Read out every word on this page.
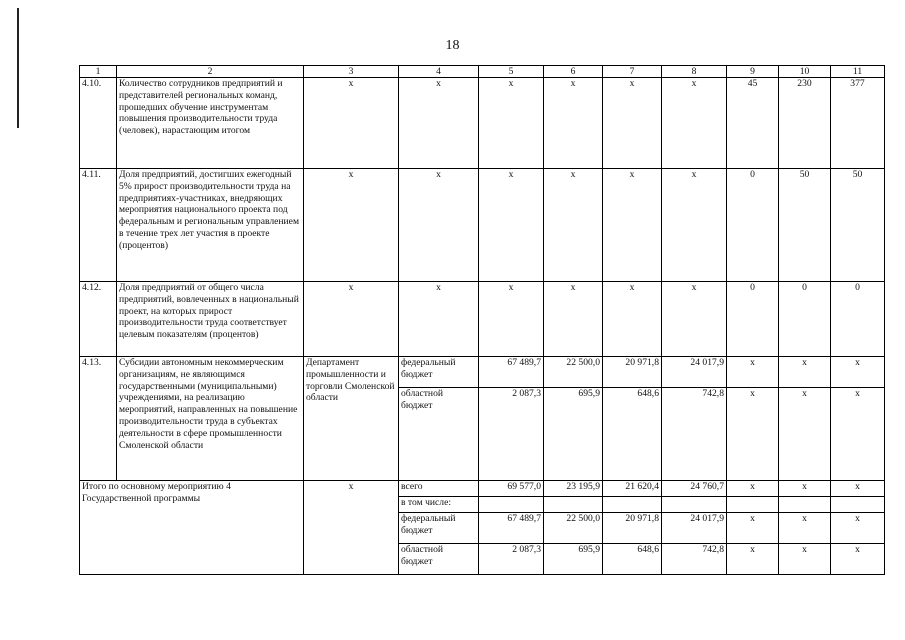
18
1	2	3	4	5	6	7	8	9	10	11
4.10.	Количество сотрудников предприятий и представителей региональных команд, прошедших обучение инструментам повышения производительности труда (человек), нарастающим итогом	x	x	x	x	x	x	45	230	377
4.11.	Доля предприятий, достигших ежегодный 5% прирост производительности труда на предприятиях-участниках, внедряющих мероприятия национального проекта под федеральным и региональным управлением в течение трех лет участия в проекте (процентов)	x	x	x	x	x	x	0	50	50
4.12.	Доля предприятий от общего числа предприятий, вовлеченных в национальный проект, на которых прирост производительности труда соответствует целевым показателям (процентов)	x	x	x	x	x	x	0	0	0
4.13.	Субсидии автономным некоммерческим организациям, не являющимся государственными (муниципальными) учреждениями, на реализацию мероприятий, направленных на повышение производительности труда в субъектах деятельности в сфере промышленности Смоленской области	Департамент промышленности и торговли Смоленской области	федеральный бюджет	67 489,7	22 500,0	20 971,8	24 017,9	x	x	x
			областной бюджет	2 087,3	695,9	648,6	742,8	x	x	x
Итого по основному мероприятию 4 Государственной программы		x	всего	69 577,0	23 195,9	21 620,4	24 760,7	x	x	x
			в том числе:							
			федеральный бюджет	67 489,7	22 500,0	20 971,8	24 017,9	x	x	x
			областной бюджет	2 087,3	695,9	648,6	742,8	x	x	x
